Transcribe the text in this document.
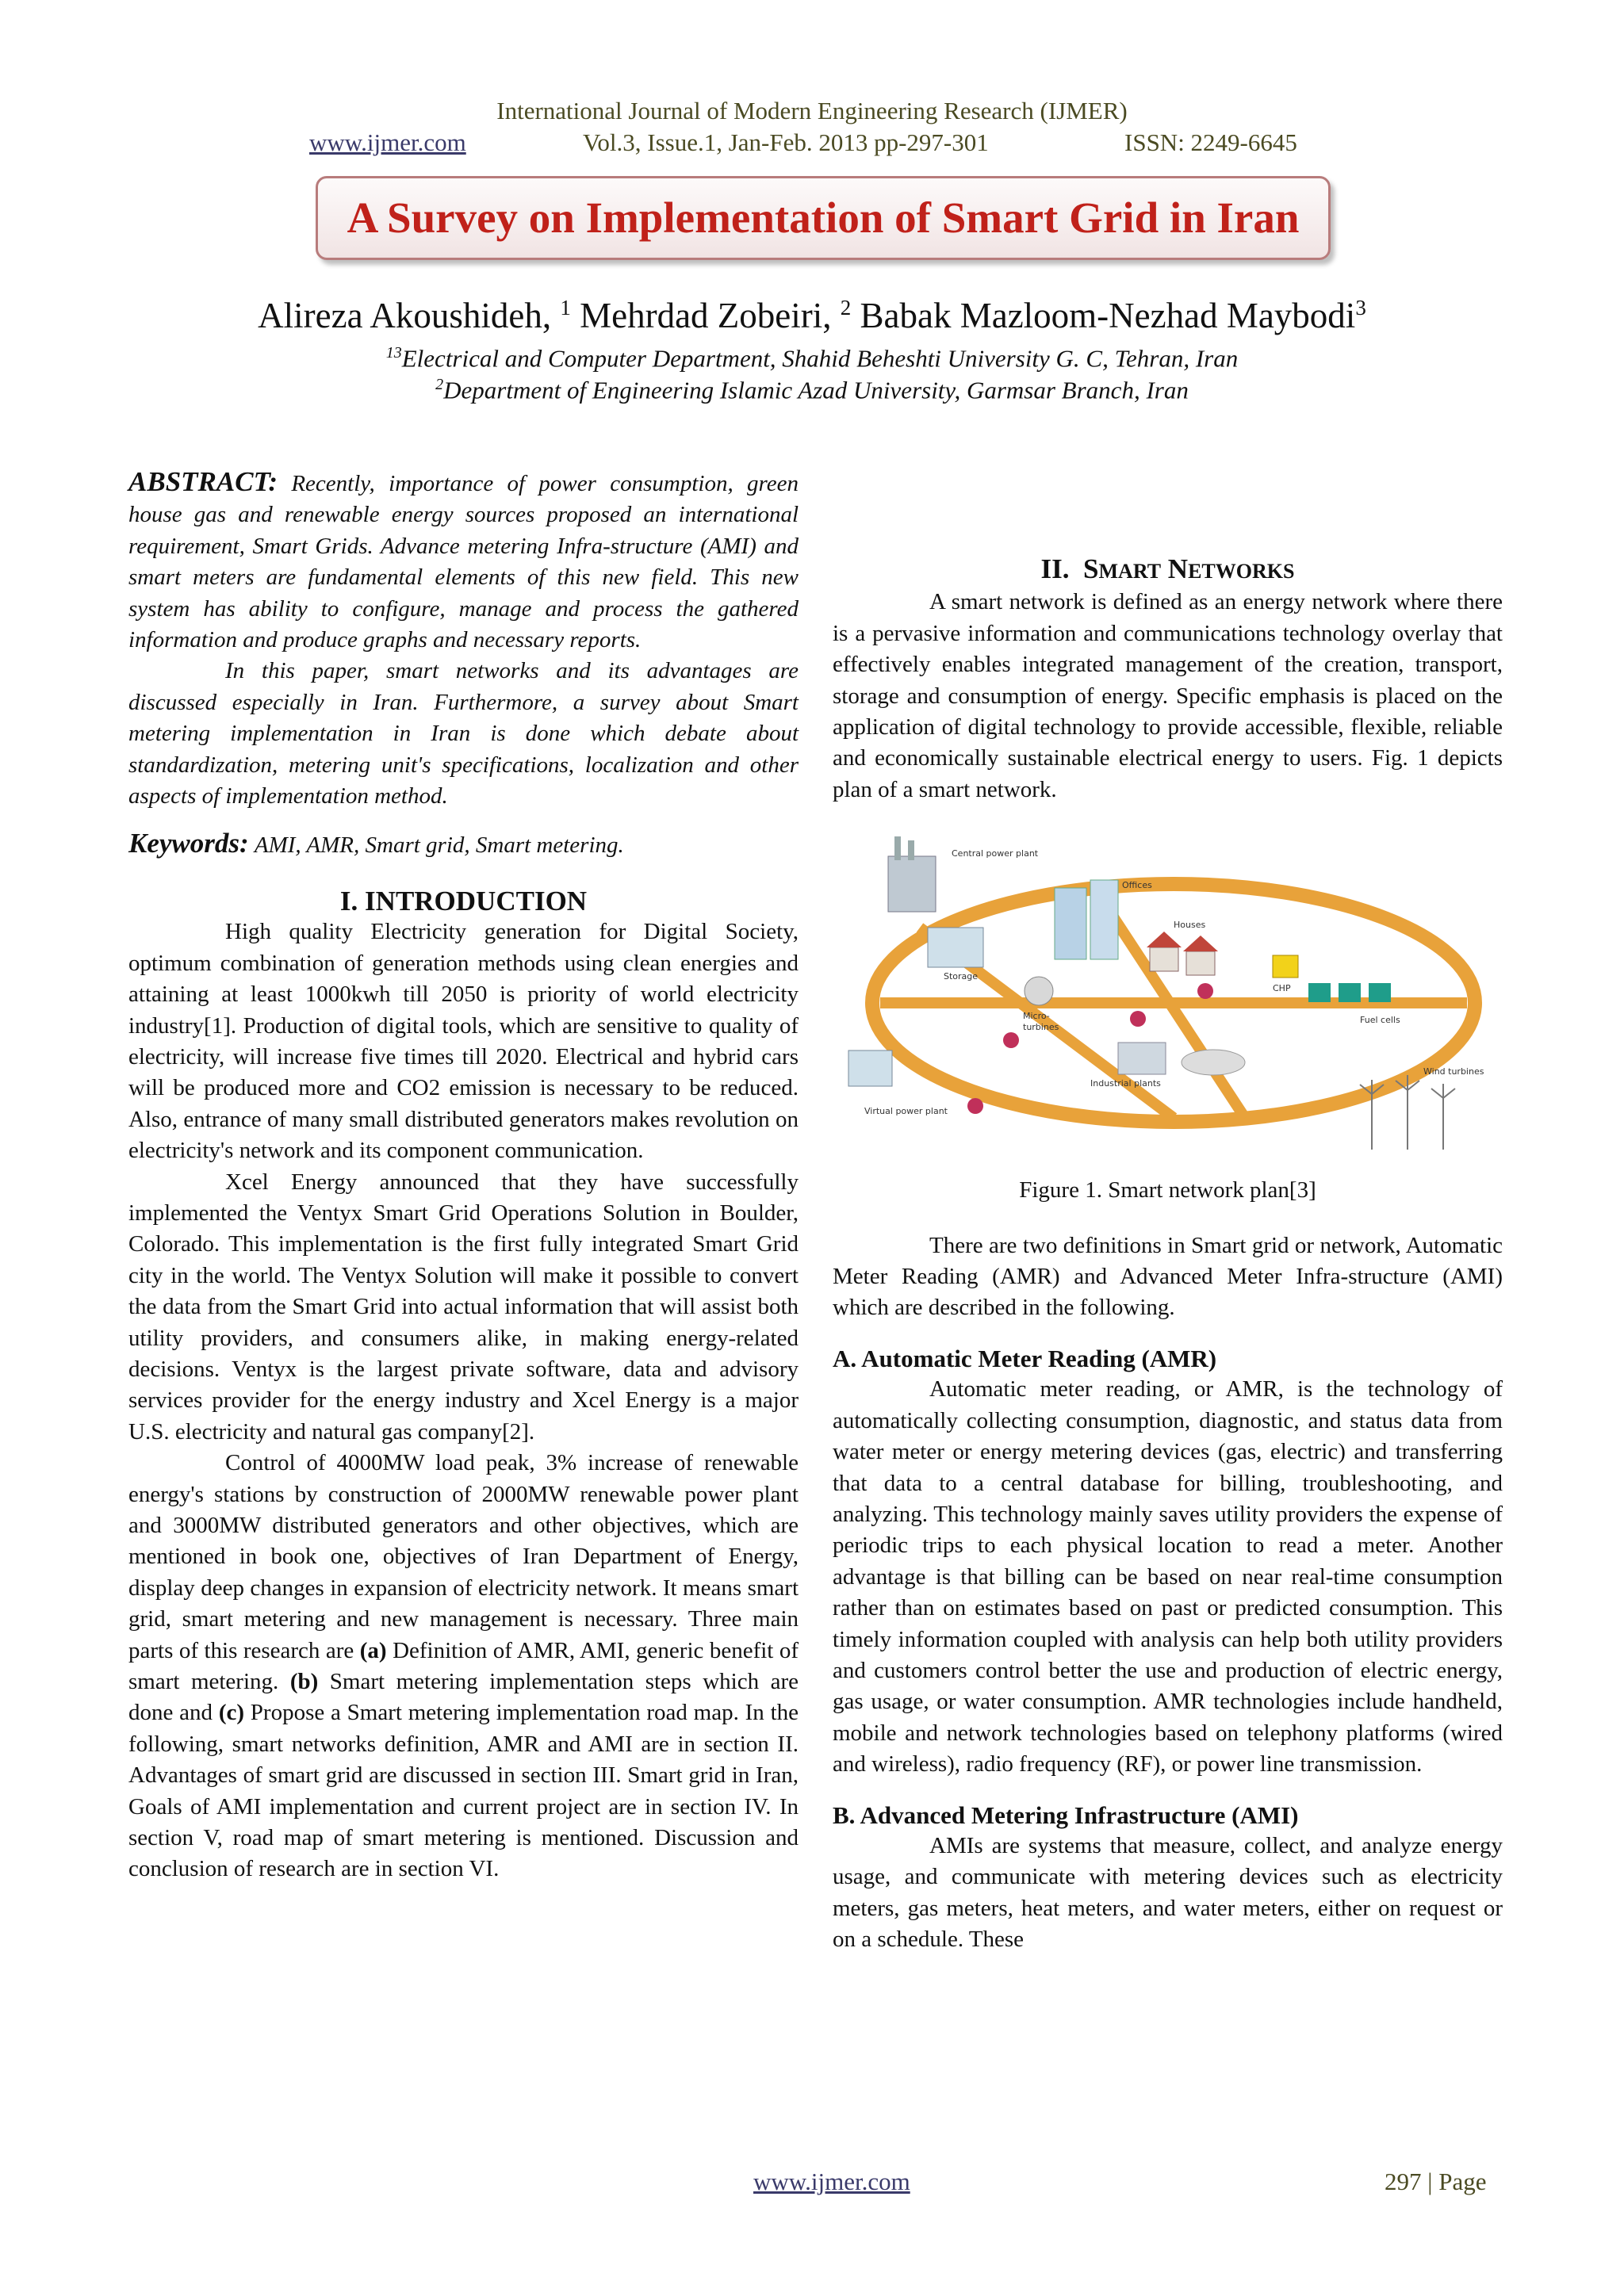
International Journal of Modern Engineering Research (IJMER)
www.ijmer.com	Vol.3, Issue.1, Jan-Feb. 2013 pp-297-301	ISSN: 2249-6645
A Survey on Implementation of Smart Grid in Iran
Alireza Akoushideh, $^1$ Mehrdad Zobeiri, $^2$ Babak Mazloom-Nezhad Maybodi$^3$
$^{13}$Electrical and Computer Department, Shahid Beheshti University G. C, Tehran, Iran
$^2$Department of Engineering Islamic Azad University, Garmsar Branch, Iran

ABSTRACT: Recently, importance of power consumption, green house gas and renewable energy sources proposed an international requirement, Smart Grids. Advance metering Infra-structure (AMI) and smart meters are fundamental elements of this new field. This new system has ability to configure, manage and process the gathered information and produce graphs and necessary reports.

In this paper, smart networks and its advantages are discussed especially in Iran. Furthermore, a survey about Smart metering implementation in Iran is done which debate about standardization, metering unit's specifications, localization and other aspects of implementation method.

Keywords: AMI, AMR, Smart grid, Smart metering.

I. INTRODUCTION

High quality Electricity generation for Digital Society, optimum combination of generation methods using clean energies and attaining at least 1000kwh till 2050 is priority of world electricity industry[1]. Production of digital tools, which are sensitive to quality of electricity, will increase five times till 2020. Electrical and hybrid cars will be produced more and CO2 emission is necessary to be reduced. Also, entrance of many small distributed generators makes revolution on electricity's network and its component communication.

Xcel Energy announced that they have successfully implemented the Ventyx Smart Grid Operations Solution in Boulder, Colorado. This implementation is the first fully integrated Smart Grid city in the world. The Ventyx Solution will make it possible to convert the data from the Smart Grid into actual information that will assist both utility providers, and consumers alike, in making energy-related decisions. Ventyx is the largest private software, data and advisory services provider for the energy industry and Xcel Energy is a major U.S. electricity and natural gas company[2].

Control of 4000MW load peak, 3% increase of renewable energy's stations by construction of 2000MW renewable power plant and 3000MW distributed generators and other objectives, which are mentioned in book one, objectives of Iran Department of Energy, display deep changes in expansion of electricity network. It means smart grid, smart metering and new management is necessary. Three main parts of this research are (a) Definition of AMR, AMI, generic benefit of smart metering. (b) Smart metering implementation steps which are done and (c) Propose a Smart metering implementation road map. In the following, smart networks definition, AMR and AMI are in section II. Advantages of smart grid are discussed in section III. Smart grid in Iran, Goals of AMI implementation and current project are in section IV. In section V, road map of smart metering is mentioned. Discussion and conclusion of research are in section VI.

II. SMART NETWORKS

A smart network is defined as an energy network where there is a pervasive information and communications technology overlay that effectively enables integrated management of the creation, transport, storage and consumption of energy. Specific emphasis is placed on the application of digital technology to provide accessible, flexible, reliable and economically sustainable electrical energy to users. Fig. 1 depicts plan of a smart network.

Central power plant
Offices
Houses
Storage
Micro-
turbines
CHP
Fuel cells
Industrial plants
Virtual power plant
Wind turbines

Figure 1. Smart network plan[3]

There are two definitions in Smart grid or network, Automatic Meter Reading (AMR) and Advanced Meter Infra-structure (AMI) which are described in the following.

A. Automatic Meter Reading (AMR)

Automatic meter reading, or AMR, is the technology of automatically collecting consumption, diagnostic, and status data from water meter or energy metering devices (gas, electric) and transferring that data to a central database for billing, troubleshooting, and analyzing. This technology mainly saves utility providers the expense of periodic trips to each physical location to read a meter. Another advantage is that billing can be based on near real-time consumption rather than on estimates based on past or predicted consumption. This timely information coupled with analysis can help both utility providers and customers control better the use and production of electric energy, gas usage, or water consumption. AMR technologies include handheld, mobile and network technologies based on telephony platforms (wired and wireless), radio frequency (RF), or power line transmission.

B. Advanced Metering Infrastructure (AMI)

AMIs are systems that measure, collect, and analyze energy usage, and communicate with metering devices such as electricity meters, gas meters, heat meters, and water meters, either on request or on a schedule. These

www.ijmer.com	297 | Page
